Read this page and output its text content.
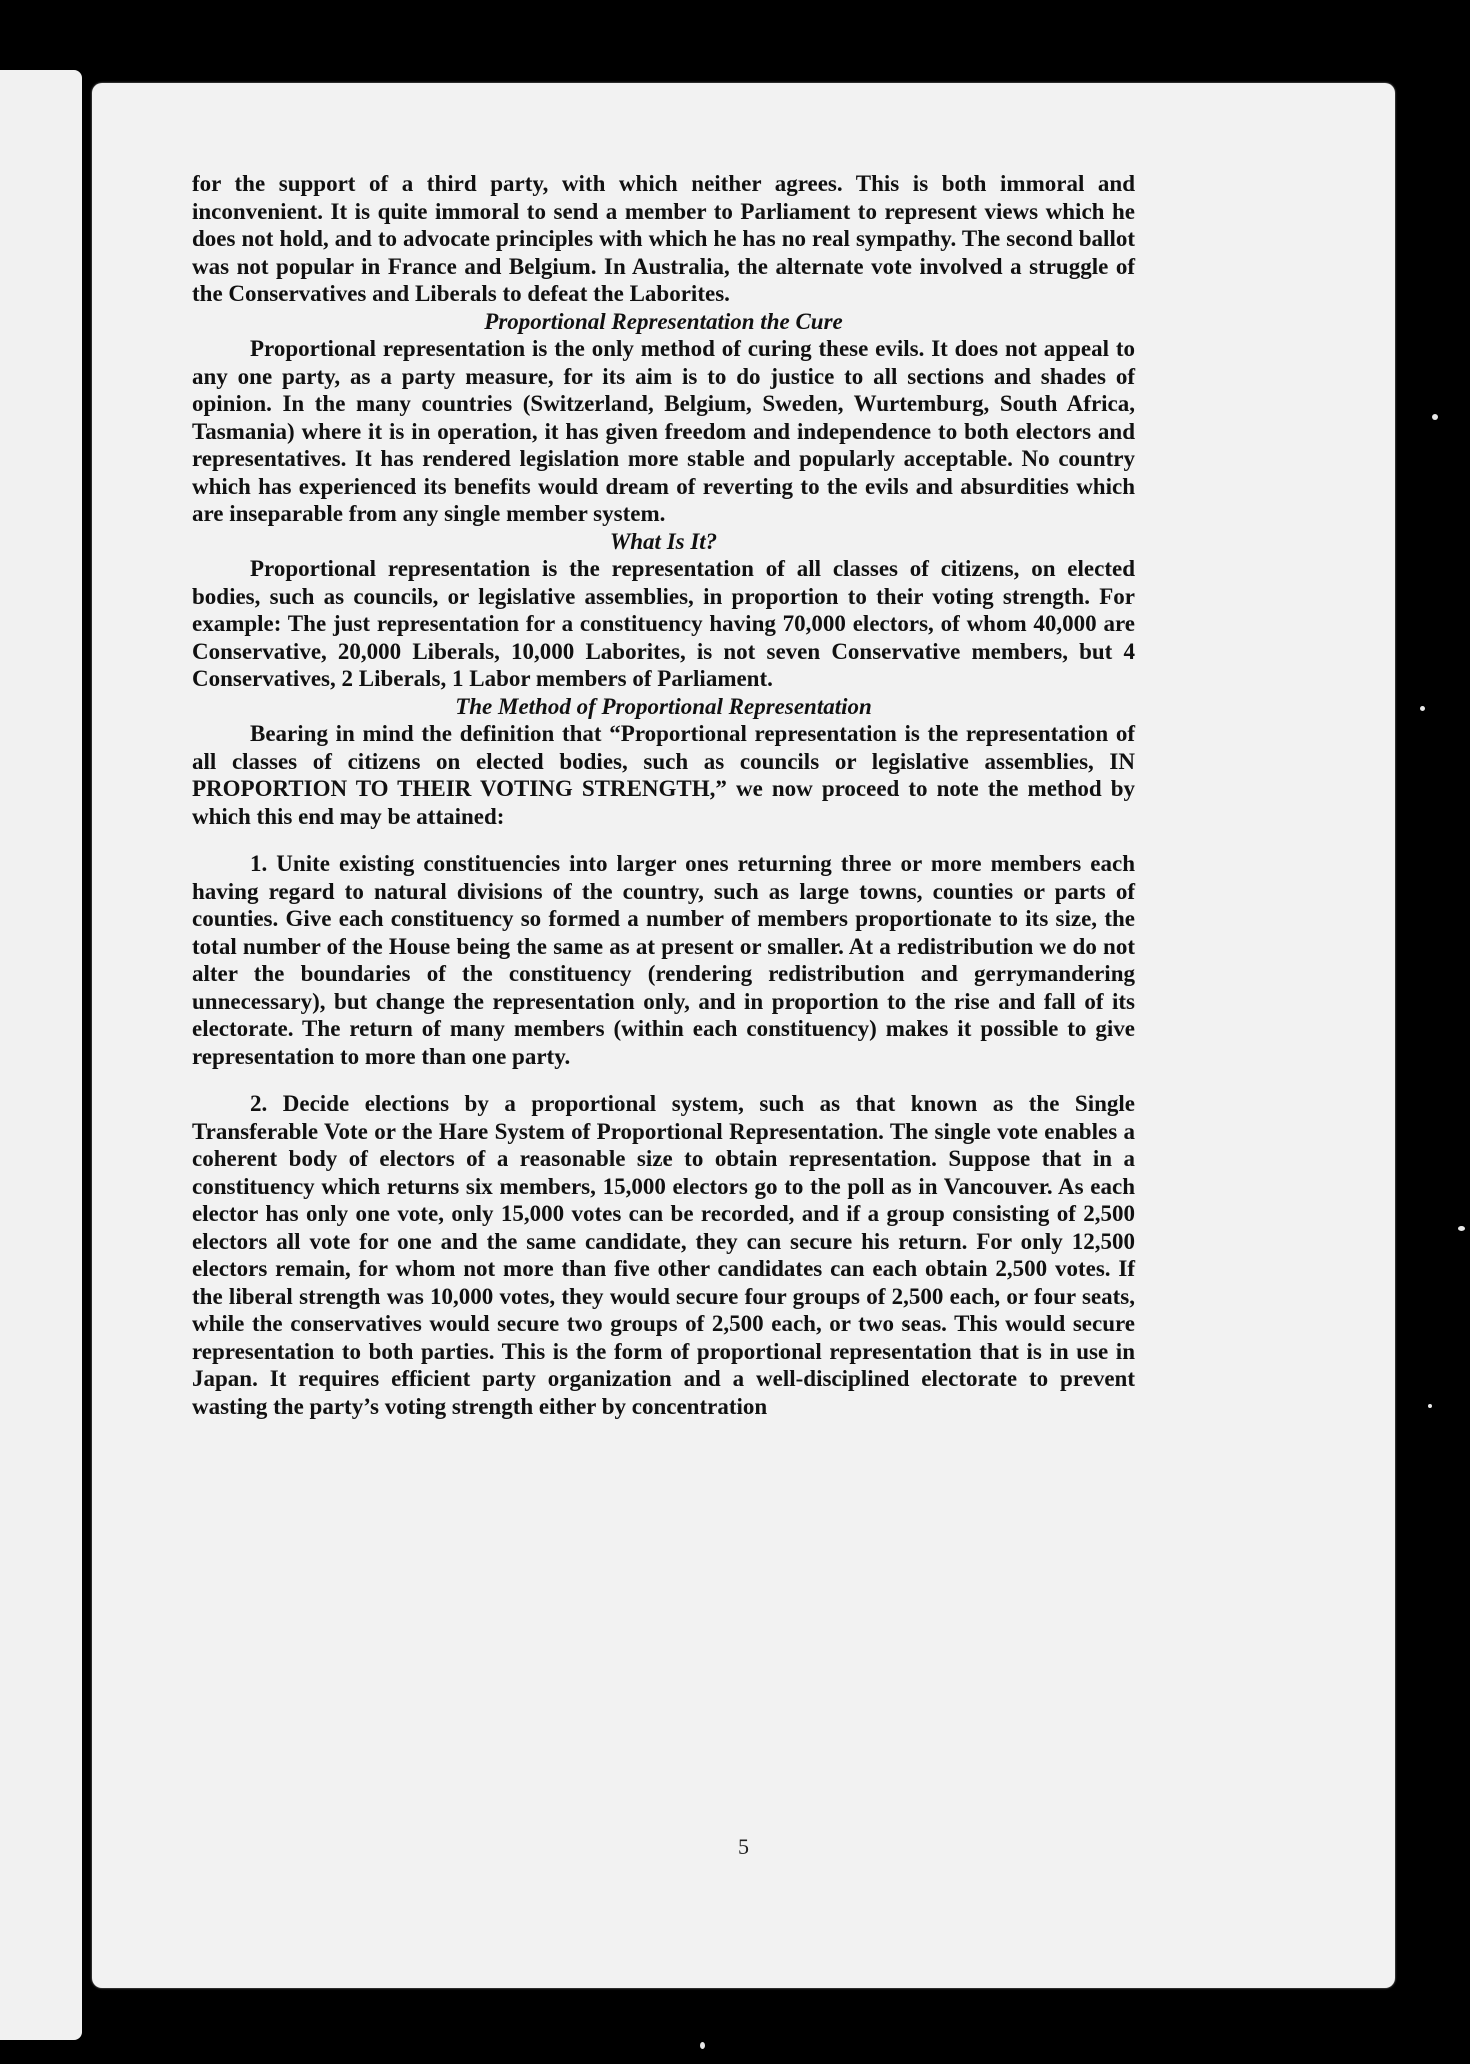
5

for the support of a third party, with which neither agrees. This is both immoral and inconvenient. It is quite immoral to send a member to Parliament to represent views which he does not hold, and to advocate principles with which he has no real sympathy. The second ballot was not popular in France and Belgium. In Australia, the alternate vote involved a struggle of the Conservatives and Liberals to defeat the Laborites.

Proportional Representation the Cure

Proportional representation is the only method of curing these evils. It does not appeal to any one party, as a party measure, for its aim is to do justice to all sections and shades of opinion. In the many countries (Switzerland, Belgium, Sweden, Wurtemburg, South Africa, Tasmania) where it is in operation, it has given freedom and independence to both electors and representatives. It has rendered legislation more stable and popularly acceptable. No country which has experienced its benefits would dream of reverting to the evils and absurdities which are inseparable from any single member system.

What Is It?

Proportional representation is the representation of all classes of citizens, on elected bodies, such as councils, or legislative assemblies, in proportion to their voting strength. For example: The just representation for a constituency having 70,000 electors, of whom 40,000 are Conservative, 20,000 Liberals, 10,000 Laborites, is not seven Conservative members, but 4 Conservatives, 2 Liberals, 1 Labor members of Parliament.

The Method of Proportional Representation

Bearing in mind the definition that “Proportional representation is the representation of all classes of citizens on elected bodies, such as councils or legislative assemblies, IN PROPORTION TO THEIR VOTING STRENGTH,” we now proceed to note the method by which this end may be attained:

1. Unite existing constituencies into larger ones returning three or more members each having regard to natural divisions of the country, such as large towns, counties or parts of counties. Give each constituency so formed a number of members proportionate to its size, the total number of the House being the same as at present or smaller. At a redistribution we do not alter the boundaries of the constituency (rendering redistribution and gerrymandering unnecessary), but change the representation only, and in proportion to the rise and fall of its electorate. The return of many members (within each constituency) makes it possible to give representation to more than one party.

2. Decide elections by a proportional system, such as that known as the Single Transferable Vote or the Hare System of Proportional Representation. The single vote enables a coherent body of electors of a reasonable size to obtain representation. Suppose that in a constituency which returns six members, 15,000 electors go to the poll as in Vancouver. As each elector has only one vote, only 15,000 votes can be recorded, and if a group consisting of 2,500 electors all vote for one and the same candidate, they can secure his return. For only 12,500 electors remain, for whom not more than five other candidates can each obtain 2,500 votes. If the liberal strength was 10,000 votes, they would secure four groups of 2,500 each, or four seats, while the conservatives would secure two groups of 2,500 each, or two seas. This would secure representation to both parties. This is the form of proportional representation that is in use in Japan. It requires efficient party organization and a well-disciplined electorate to prevent wasting the party’s voting strength either by concentration
